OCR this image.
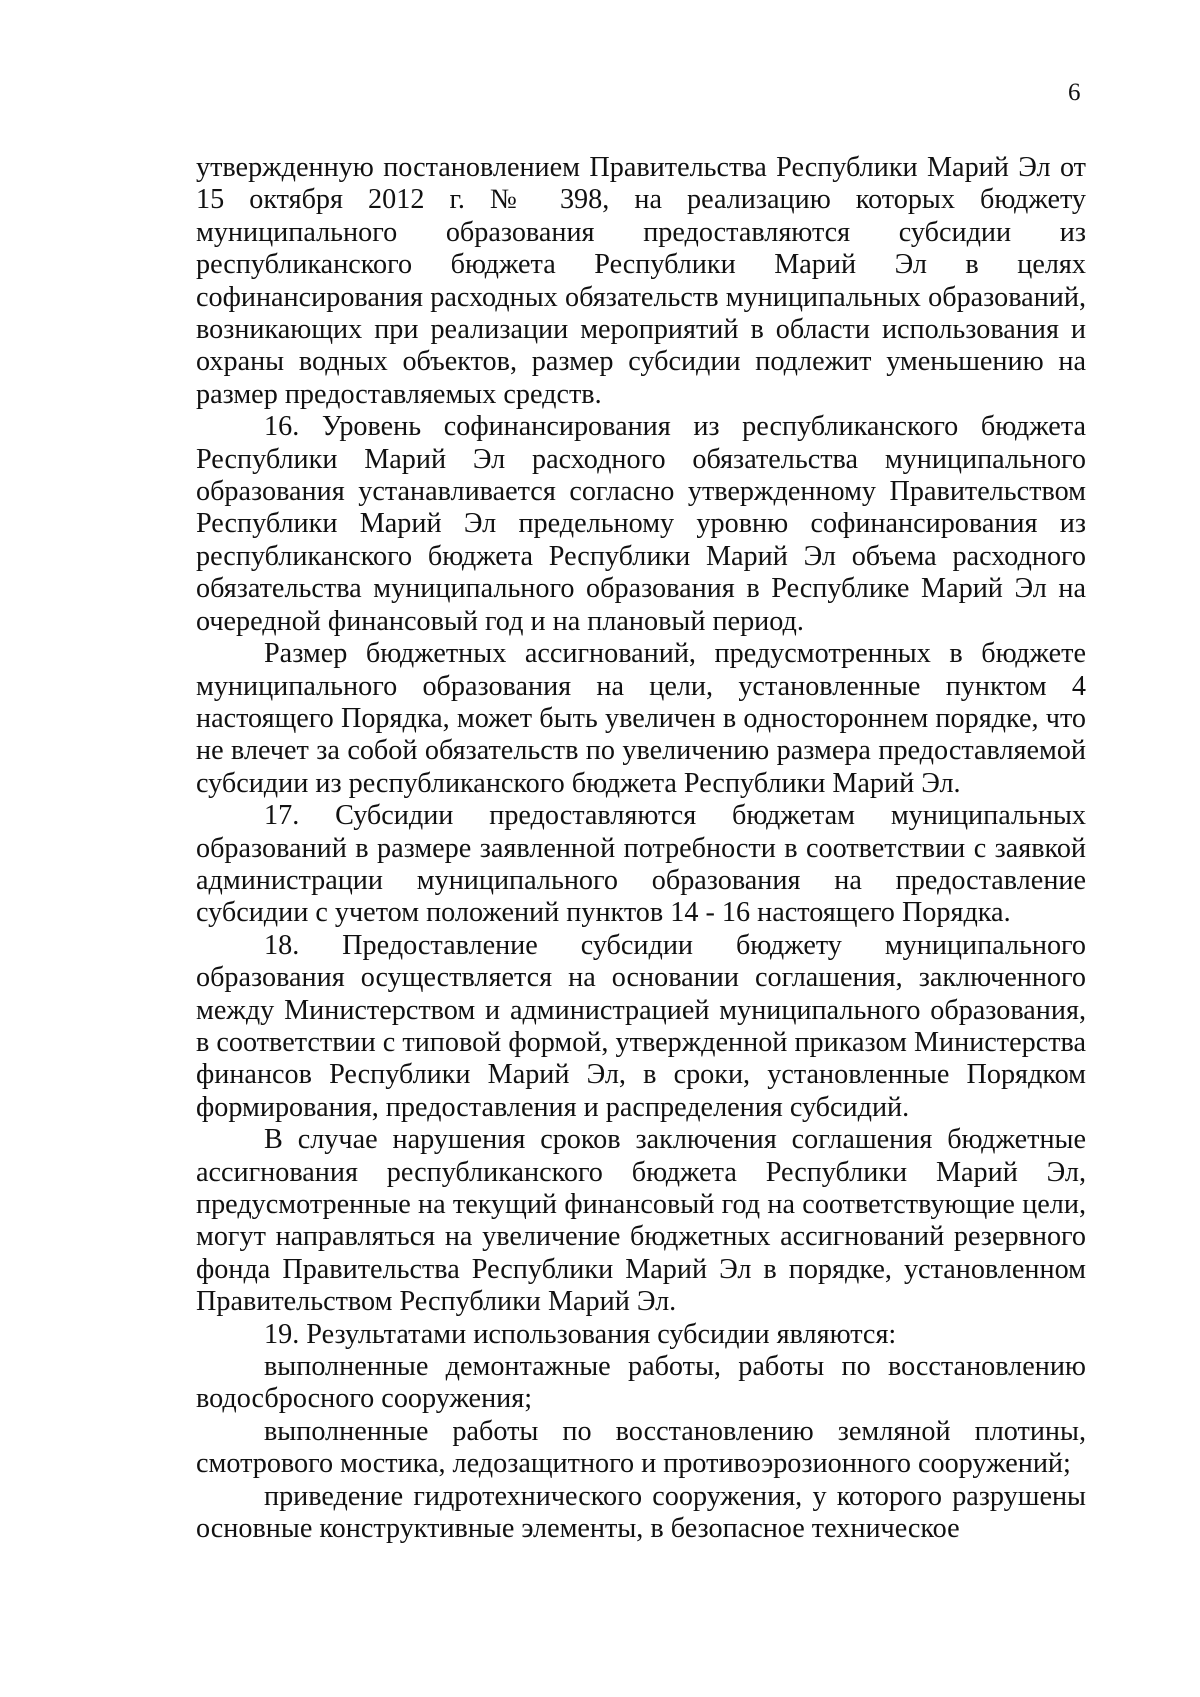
6

утвержденную постановлением Правительства Республики Марий Эл от 15 октября 2012 г. № 398, на реализацию которых бюджету муниципального образования предоставляются субсидии из республиканского бюджета Республики Марий Эл в целях софинансирования расходных обязательств муниципальных образований, возникающих при реализации мероприятий в области использования и охраны водных объектов, размер субсидии подлежит уменьшению на размер предоставляемых средств.

16. Уровень софинансирования из республиканского бюджета Республики Марий Эл расходного обязательства муниципального образования устанавливается согласно утвержденному Правительством Республики Марий Эл предельному уровню софинансирования из республиканского бюджета Республики Марий Эл объема расходного обязательства муниципального образования в Республике Марий Эл на очередной финансовый год и на плановый период.

Размер бюджетных ассигнований, предусмотренных в бюджете муниципального образования на цели, установленные пунктом 4 настоящего Порядка, может быть увеличен в одностороннем порядке, что не влечет за собой обязательств по увеличению размера предоставляемой субсидии из республиканского бюджета Республики Марий Эл.

17. Субсидии предоставляются бюджетам муниципальных образований в размере заявленной потребности в соответствии с заявкой администрации муниципального образования на предоставление субсидии с учетом положений пунктов 14 - 16 настоящего Порядка.

18. Предоставление субсидии бюджету муниципального образования осуществляется на основании соглашения, заключенного между Министерством и администрацией муниципального образования, в соответствии с типовой формой, утвержденной приказом Министерства финансов Республики Марий Эл, в сроки, установленные Порядком формирования, предоставления и распределения субсидий.

В случае нарушения сроков заключения соглашения бюджетные ассигнования республиканского бюджета Республики Марий Эл, предусмотренные на текущий финансовый год на соответствующие цели, могут направляться на увеличение бюджетных ассигнований резервного фонда Правительства Республики Марий Эл в порядке, установленном Правительством Республики Марий Эл.

19. Результатами использования субсидии являются:

выполненные демонтажные работы, работы по восстановлению водосбросного сооружения;

выполненные работы по восстановлению земляной плотины, смотрового мостика, ледозащитного и противоэрозионного сооружений;

приведение гидротехнического сооружения, у которого разрушены основные конструктивные элементы, в безопасное техническое
